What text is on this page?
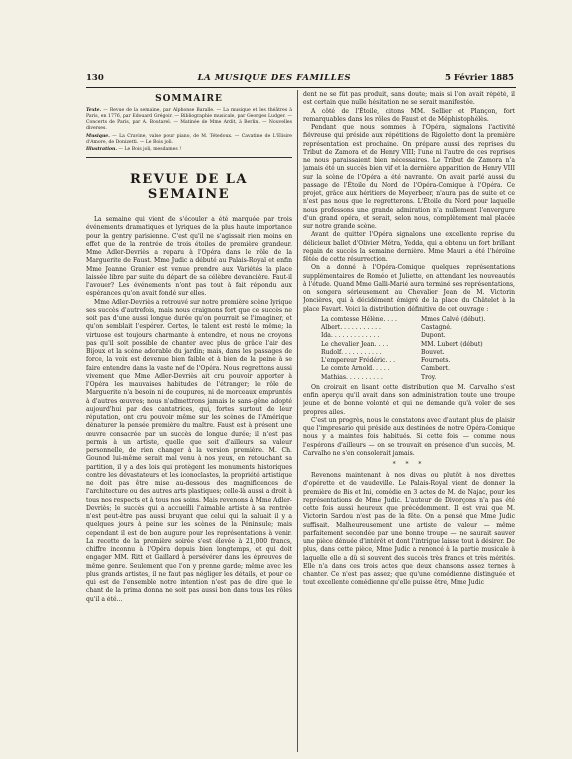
130	LA MUSIQUE DES FAMILLES	5 Février 1885
SOMMAIRE

Texte. — Revue de la semaine, par Alphonse Baralle. — La musique et les théâtres à Paris, en 1776, par Edouard Grégoir. — Bibliographie musicale, par Georges Ludger. — Concerts de Paris, par A. Boutarel. — Matinée de Mme Ardit, à Berlin. — Nouvelles diverses.

Musique. — La Cravine, valse pour piano, de M. Tétedoux. — Cavatine de L'Elisire d'Amore, de Donizetti. — Le Bois joli.

Illustration. — Le Bois joli, mesdames !

REVUE DE LA SEMAINE

La semaine qui vient de s'écouler a été marquée par trois événements dramatiques et lyriques de la plus haute importance pour la gentry parisienne. C'est qu'il ne s'agissait rien moins en effet que de la rentrée de trois étoiles de première grandeur. Mme Adler-Devriès a reparu à l'Opéra dans le rôle de la Marguerite de Faust. Mme Judic a débuté au Palais-Royal et enfin Mme Jeanne Granier est venue prendre aux Variétés la place laissée libre par suite du départ de sa célèbre devancière. Faut-il l'avouer? Les événements n'ont pas tout à fait répondu aux espérances qu'on avait fondé sur elles.

Mme Adler-Devriès a retrouvé sur notre première scène lyrique ses succès d'autrefois, mais nous craignons fort que ce succès ne soit pas d'une aussi longue durée qu'on pourrait se l'imaginer, et qu'on semblait l'espérer. Certes, le talent est resté le même; la virtuose est toujours charmante à entendre, et nous ne croyons pas qu'il soit possible de chanter avec plus de grâce l'air des Bijoux et la scène adorable du jardin; mais, dans les passages de force, la voix est devenue bien faible et à bien de la peine à se faire entendre dans la vaste nef de l'Opéra. Nous regrettons aussi vivement que Mme Adler-Devriès ait cru pouvoir apporter à l'Opéra les mauvaises habitudes de l'étranger; le rôle de Marguerite n'a besoin ni de coupures, ni de morceaux empruntés à d'autres œuvres; nous n'admettrons jamais le sans-gêne adopté aujourd'hui par des cantatrices, qui, fortes surtout de leur réputation, ont cru pouvoir même sur les scènes de l'Amérique dénaturer la pensée première du maître. Faust est à présent une œuvre consacrée par un succès de longue durée; il n'est pas permis à un artiste, quelle que soit d'ailleurs sa valeur personnelle, de rien changer à la version première. M. Ch. Gounod lui-même serait mal venu à nos yeux, en retouchant sa partition, il y a des lois qui protègent les monuments historiques contre les dévastateurs et les iconoclastes, la propriété artistique ne doit pas être mise au-dessous des magnificences de l'architecture ou des autres arts plastiques; celle-là aussi a droit à tous nos respects et à tous nos soins. Mais revenons à Mme Adler-Devriès; le succès qui a accueilli l'aimable artiste à sa rentrée n'est peut-être pas aussi bruyant que celui qui la saluait il y a quelques jours à peine sur les scènes de la Péninsule; mais cependant il est de bon augure pour les représentations à venir. La recette de la première soirée s'est élevée à 21,000 francs, chiffre inconnu à l'Opéra depuis bien longtemps, et qui doit engager MM. Ritt et Gaillard à persévérer dans les épreuves de même genre. Seulement que l'on y prenne garde; même avec les plus grands artistes, il ne faut pas négliger les détails, et pour ce qui est de l'ensemble notre intention n'est pas de dire que le chant de la prima donna ne soit pas aussi bon dans tous les rôles qu'il a été...

dent ne se fût pas produit, sans doute; mais si l'on avait répété, il est certain que nulle hésitation ne se serait manifestée.

A côté de l'Étoile, citons MM. Sellier et Plançon, fort remarquables dans les rôles de Faust et de Méphistophélès.

Pendant que nous sommes à l'Opéra, signalons l'activité fiévreuse qui préside aux répétitions de Rigoletto dont la première représentation est prochaine. On prépare aussi des reprises du Tribut de Zamora et de Henry VIII; l'une ni l'autre de ces reprises ne nous paraissaient bien nécessaires. Le Tribut de Zamora n'a jamais été un succès bien vif et la dernière apparition de Henry VIII sur la scène de l'Opéra a été navrante. On avait parlé aussi du passage de l'Étoile du Nord de l'Opéra-Comique à l'Opéra. Ce projet, grâce aux héritiers de Meyerbeer, n'aura pas de suite et ce n'est pas nous que le regretterons. L'Étoile du Nord pour laquelle nous professons une grande admiration n'a nullement l'envergure d'un grand opéra, et serait, selon nous, complètement mal placée sur notre grande scène.

Avant de quitter l'Opéra signalons une excellente reprise du délicieux ballet d'Olivier Métra, Yedda, qui a obtenu un fort brillant regain de succès la semaine dernière. Mme Mauri a été l'héroïne fêtée de cette résurrection.

On a donné à l'Opéra-Comique quelques représentations supplémentaires de Roméo et Juliette, en attendant les nouveautés à l'étude. Quand Mme Galli-Marié aura terminé ses représentations, on songera sérieusement au Chevalier Jean de M. Victorin Joncières, qui à décidément émigré de la place du Châtelet à la place Favart. Voici la distribution définitive de cet ouvrage :

La comtesse Hélène. . . .	Mmes Calvé (début).
Albert. . . . . . . . . . .	Castagné.
Ida. . . . . . . . . . . . .	Dupont.
Le chevalier Jean. . . .	MM. Lubert (début)
Rudolf. . . . . . . . . . .	Bouvet.
L'empereur Frédéric. . .	Fournets.
Le comte Arnold. . . . .	Cambert.
Mathias. . . . . . . . . .	Troy.

On croirait en lisant cette distribution que M. Carvalho s'est enfin aperçu qu'il avait dans son administration toute une troupe jeune et de bonne volonté et qui ne demande qu'à voler de ses propres ailes.

C'est un progrès, nous le constatons avec d'autant plus de plaisir que l'impresario qui préside aux destinées de notre Opéra-Comique nous y a maintes fois habitués. Si cette fois — comme nous l'espérons d'ailleurs — on se trouvait en présence d'un succès, M. Carvalho ne s'en consolerait jamais.

* * *

Revenons maintenant à nos divas ou plutôt à nos divettes d'opérette et de vaudeville. Le Palais-Royal vient de donner la première de Bis et Ini, comédie en 3 actes de M. de Najac, pour les représentations de Mme Judic. L'auteur de Divorçons n'a pas été cette fois aussi heureux que précédemment. Il est vrai que M. Victorin Sardou n'est pas de la fête. On a pensé que Mme Judic suffisait. Malheureusement une artiste de valeur — même parfaitement secondée par une bonne troupe — ne saurait sauver une pièce dénuée d'intérêt et dont l'intrigue laisse tout à désirer. De plus, dans cette pièce, Mme Judic a renoncé à la partie musicale à laquelle elle a dû si souvent des succès très francs et très mérités. Elle n'a dans ces trois actes que deux chansons assez ternes à chanter. Ce n'est pas assez; que qu'une comédienne distinguée et tout excellente comédienne qu'elle puisse être, Mme Judic
